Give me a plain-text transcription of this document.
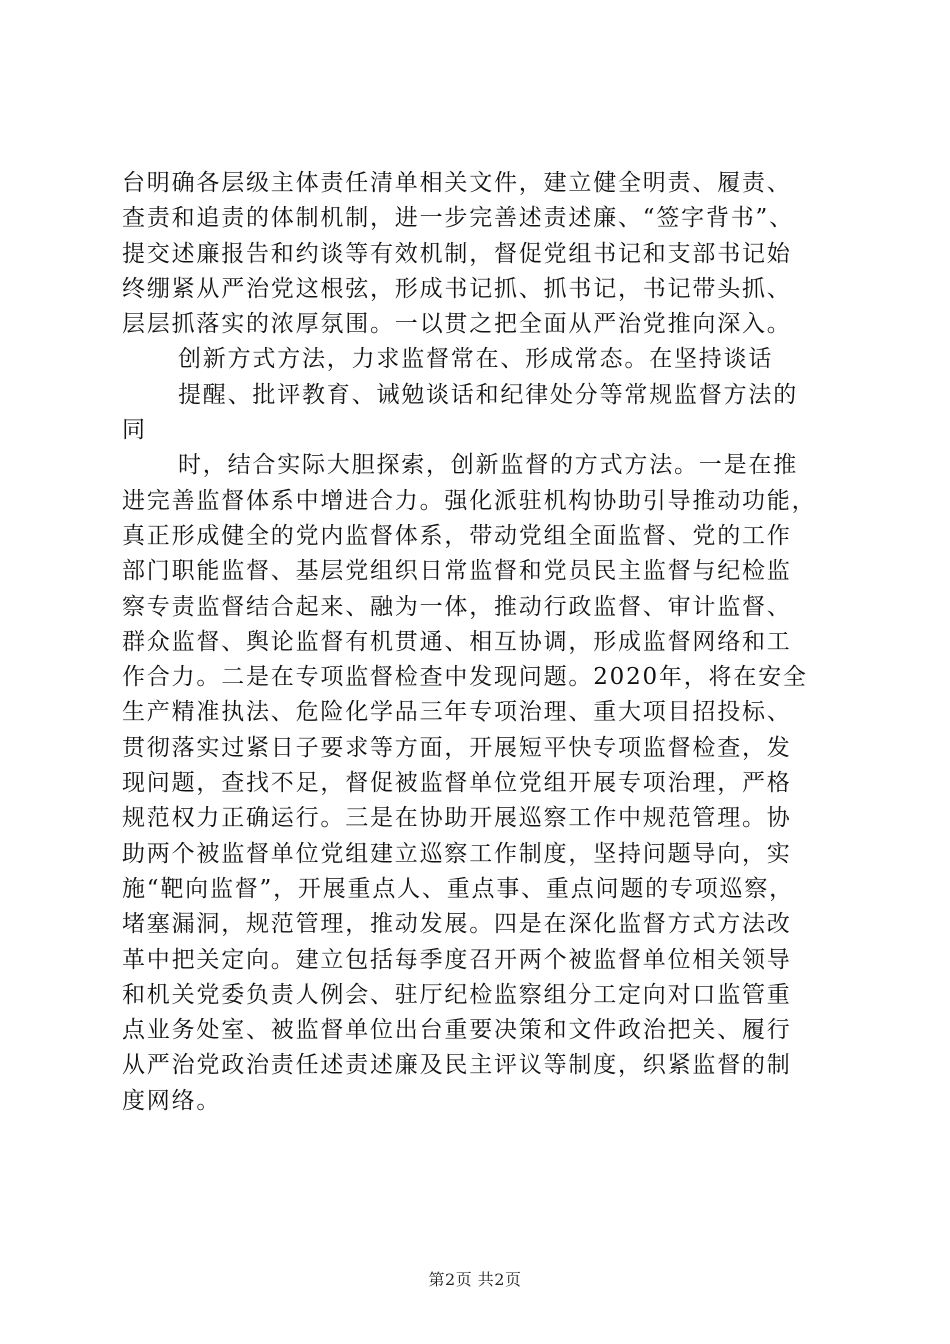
台明确各层级主体责任清单相关文件，建立健全明责、履责、
查责和追责的体制机制，进一步完善述责述廉、“签字背书”、
提交述廉报告和约谈等有效机制，督促党组书记和支部书记始
终绷紧从严治党这根弦，形成书记抓、抓书记，书记带头抓、
层层抓落实的浓厚氛围。一以贯之把全面从严治党推向深入。
创新方式方法，力求监督常在、形成常态。在坚持谈话
提醒、批评教育、诫勉谈话和纪律处分等常规监督方法的
同
时，结合实际大胆探索，创新监督的方式方法。一是在推
进完善监督体系中增进合力。强化派驻机构协助引导推动功能，
真正形成健全的党内监督体系，带动党组全面监督、党的工作
部门职能监督、基层党组织日常监督和党员民主监督与纪检监
察专责监督结合起来、融为一体，推动行政监督、审计监督、
群众监督、舆论监督有机贯通、相互协调，形成监督网络和工
作合力。二是在专项监督检查中发现问题。2020年，将在安全
生产精准执法、危险化学品三年专项治理、重大项目招投标、
贯彻落实过紧日子要求等方面，开展短平快专项监督检查，发
现问题，查找不足，督促被监督单位党组开展专项治理，严格
规范权力正确运行。三是在协助开展巡察工作中规范管理。协
助两个被监督单位党组建立巡察工作制度，坚持问题导向，实
施“靶向监督”，开展重点人、重点事、重点问题的专项巡察，
堵塞漏洞，规范管理，推动发展。四是在深化监督方式方法改
革中把关定向。建立包括每季度召开两个被监督单位相关领导
和机关党委负责人例会、驻厅纪检监察组分工定向对口监管重
点业务处室、被监督单位出台重要决策和文件政治把关、履行
从严治党政治责任述责述廉及民主评议等制度，织紧监督的制
度网络。
第2页 共2页
